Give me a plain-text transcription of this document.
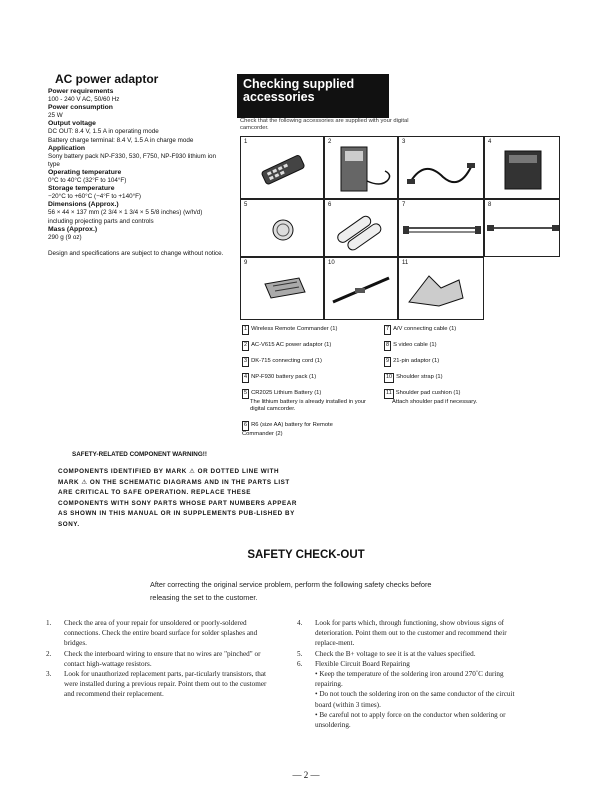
AC power adaptor
Power requirements
100 - 240 V AC, 50/60 Hz
Power consumption
25 W
Output voltage
DC OUT: 8.4 V, 1.5 A in operating mode
Battery charge terminal: 8.4 V, 1.5 A in charge mode
Application
Sony battery pack NP-F330, 530, F750, NP-F930 lithium ion type
Operating temperature
0°C to 40°C (32°F to 104°F)
Storage temperature
−20°C to +60°C (−4°F to +140°F)
Dimensions (Approx.)
56 × 44 × 137 mm (2 3/4 × 1 3/4 × 5 5/8 inches) (w/h/d) including projecting parts and controls
Mass (Approx.)
290 g (9 oz)
Design and specifications are subject to change without notice.
Checking supplied
accessories
Check that the following accessories are supplied with your digital camcorder.
1	2	3	4
5	6	7	8
9	10	11
1 Wireless Remote Commander (1)
2 AC-V615 AC power adaptor (1)
3 DK-715 connecting cord (1)
4 NP-F930 battery pack (1)
5 CR2025 Lithium Battery (1)
The lithium battery is already installed in your digital camcorder.
6 R6 (size AA) battery for Remote Commander (2)
7 A/V connecting cable (1)
8 S video cable (1)
9 21-pin adaptor (1)
10 Shoulder strap (1)
11 Shoulder pad cushion (1)
Attach shoulder pad if necessary.
SAFETY-RELATED COMPONENT WARNING!!
COMPONENTS IDENTIFIED BY MARK ⚠ OR DOTTED LINE WITH MARK ⚠ ON THE SCHEMATIC DIAGRAMS AND IN THE PARTS LIST ARE CRITICAL TO SAFE OPERATION. REPLACE THESE COMPONENTS WITH SONY PARTS WHOSE PART NUMBERS APPEAR AS SHOWN IN THIS MANUAL OR IN SUPPLEMENTS PUB-LISHED BY SONY.
SAFETY CHECK-OUT
After correcting the original service problem, perform the following safety checks before releasing the set to the customer.
1. Check the area of your repair for unsoldered or poorly-soldered connections. Check the entire board surface for solder splashes and bridges.
2. Check the interboard wiring to ensure that no wires are "pinched" or contact high-wattage resistors.
3. Look for unauthorized replacement parts, par-ticularly transistors, that were installed during a previous repair. Point them out to the customer and recommend their replacement.
4. Look for parts which, through functioning, show obvious signs of deterioration. Point them out to the customer and recommend their replace-ment.
5. Check the B+ voltage to see it is at the values specified.
6. Flexible Circuit Board Repairing
• Keep the temperature of the soldering iron around 270˚C during repairing.
• Do not touch the soldering iron on the same conductor of the circuit board (within 3 times).
• Be careful not to apply force on the conductor when soldering or unsoldering.
— 2 —
